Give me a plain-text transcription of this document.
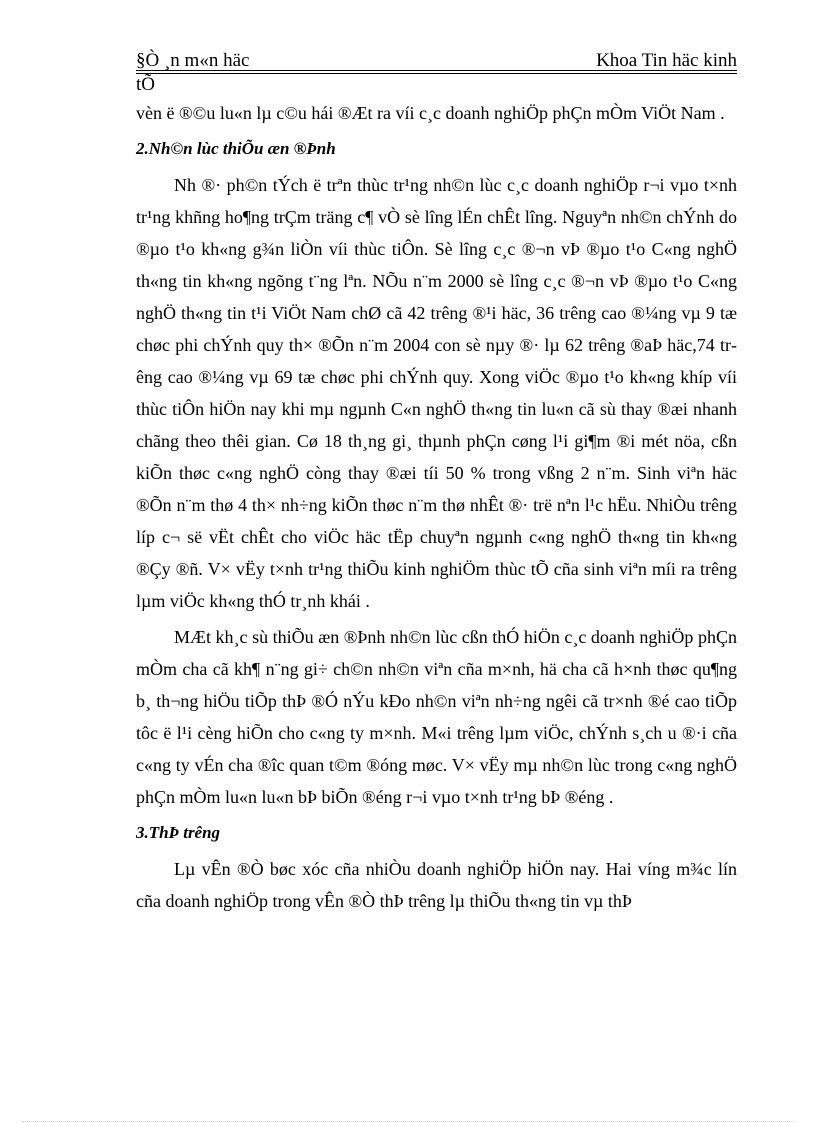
§Ò ¸n m«n häc	Khoa Tin häc kinh
tÕ

vèn ë ®©u lu«n lµ c©u hái ®Æt ra víi c¸c doanh nghiÖp phÇn mÒm ViÖt Nam .

2.Nh©n lùc thiÕu æn ®Þnh

Nh ®· ph©n tÝch ë trªn thùc tr¹ng nh©n lùc c¸c doanh nghiÖp r¬i vµo t×nh tr¹ng khñng ho¶ng trÇm träng c¶ vÒ sè lîng lÉn chÊt lîng. Nguyªn nh©n chÝnh do ®µo t¹o kh«ng g¾n liÒn víi thùc tiÔn. Sè lîng c¸c ®¬n vÞ ®µo t¹o C«ng nghÖ th«ng tin kh«ng ngõng t¨ng lªn. NÕu n¨m 2000 sè lîng c¸c ®¬n vÞ ®µo t¹o C«ng nghÖ th«ng tin t¹i ViÖt Nam chØ cã 42 trêng ®¹i häc, 36 trêng cao ®¼ng vµ 9 tæ chøc phi chÝnh quy th× ®Õn n¨m 2004 con sè nµy ®· lµ 62 trêng ®aÞ häc,74 trêng cao ®¼ng vµ 69 tæ chøc phi chÝnh quy. Xong viÖc ®µo t¹o kh«ng khíp víi thùc tiÔn hiÖn nay khi mµ ngµnh C«n nghÖ th«ng tin lu«n cã sù thay ®æi nhanh chãng theo thêi gian. Cø 18 th¸ng gi¸ thµnh phÇn cøng l¹i gi¶m ®i mét nöa, cßn kiÕn thøc c«ng nghÖ còng thay ®æi tíi 50 % trong vßng 2 n¨m. Sinh viªn häc ®Õn n¨m thø 4 th× nh÷ng kiÕn thøc n¨m thø nhÊt ®· trë nªn l¹c hËu. NhiÒu trêng líp c¬ së vËt chÊt cho viÖc häc tËp chuyªn ngµnh c«ng nghÖ th«ng tin kh«ng ®Çy ®ñ. V× vËy t×nh tr¹ng thiÕu kinh nghiÖm thùc tÕ cña sinh viªn míi ra trêng lµm viÖc kh«ng thÓ tr¸nh khái .

MÆt kh¸c sù thiÕu æn ®Þnh nh©n lùc cßn thÓ hiÖn c¸c doanh nghiÖp phÇn mÒm cha cã kh¶ n¨ng gi÷ ch©n nh©n viªn cña m×nh, hä cha cã h×nh thøc qu¶ng b¸ th¬ng hiÖu tiÕp thÞ ®Ó nÝu kÐo nh©n viªn nh÷ng ngêi cã tr×nh ®é cao tiÕp tôc ë l¹i cèng hiÕn cho c«ng ty m×nh. M«i trêng lµm viÖc, chÝnh s¸ch u ®·i cña c«ng ty vÉn cha ®îc quan t©m ®óng møc. V× vËy mµ nh©n lùc trong c«ng nghÖ phÇn mÒm lu«n lu«n bÞ biÕn ®éng r¬i vµo t×nh tr¹ng bÞ ®éng .

3.ThÞ trêng

Lµ vÊn ®Ò bøc xóc cña nhiÒu doanh nghiÖp hiÖn nay. Hai víng m¾c lín cña doanh nghiÖp trong vÊn ®Ò thÞ trêng lµ thiÕu th«ng tin vµ thÞ
